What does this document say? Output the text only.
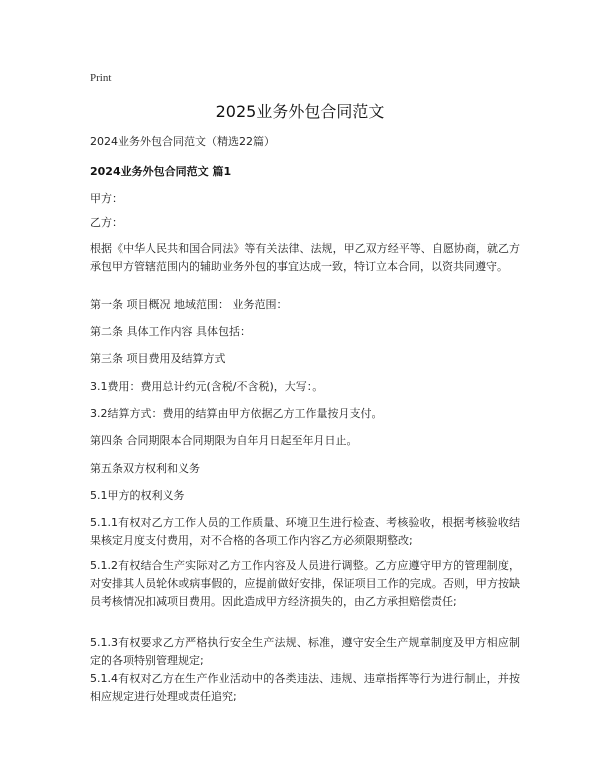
Print
2025业务外包合同范文
2024业务外包合同范文（精选22篇）
2024业务外包合同范文 篇1

甲方：

乙方：

根据《中华人民共和国合同法》等有关法律、法规，甲乙双方经平等、自愿协商，就乙方承包甲方管辖范围内的辅助业务外包的事宜达成一致，特订立本合同，以资共同遵守。

第一条 项目概况 地域范围： 业务范围：

第二条 具体工作内容 具体包括：

第三条 项目费用及结算方式

3.1费用：费用总计约元(含税/不含税)，大写：。

3.2结算方式：费用的结算由甲方依据乙方工作量按月支付。

第四条 合同期限本合同期限为自年月日起至年月日止。

第五条双方权利和义务

5.1甲方的权利义务

5.1.1有权对乙方工作人员的工作质量、环境卫生进行检查、考核验收，根据考核验收结果核定月度支付费用，对不合格的各项工作内容乙方必须限期整改;

5.1.2有权结合生产实际对乙方工作内容及人员进行调整。乙方应遵守甲方的管理制度，对安排其人员轮休或病事假的，应提前做好安排，保证项目工作的完成。否则，甲方按缺员考核情况扣减项目费用。因此造成甲方经济损失的，由乙方承担赔偿责任;

5.1.3有权要求乙方严格执行安全生产法规、标准，遵守安全生产规章制度及甲方相应制定的各项特别管理规定;

5.1.4有权对乙方在生产作业活动中的各类违法、违规、违章指挥等行为进行制止，并按相应规定进行处理或责任追究;
